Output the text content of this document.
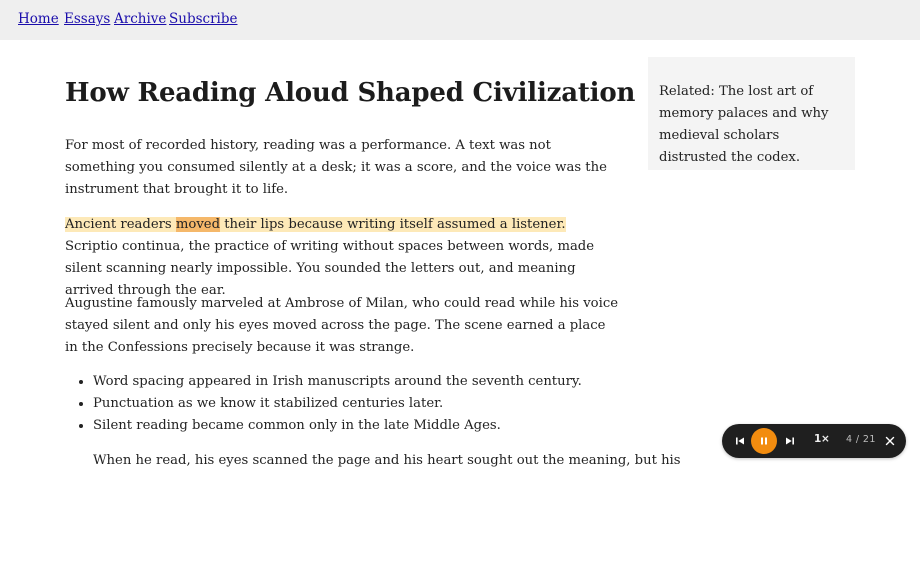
Home Essays Archive Subscribe
How Reading Aloud Shaped Civilization

For most of recorded history, reading was a performance. A text was not something you consumed silently at a desk; it was a score, and the voice was the instrument that brought it to life.

Ancient readers moved their lips because writing itself assumed a listener. Scriptio continua, the practice of writing without spaces between words, made silent scanning nearly impossible. You sounded the letters out, and meaning arrived through the ear.

Augustine famously marveled at Ambrose of Milan, who could read while his voice stayed silent and only his eyes moved across the page. The scene earned a place in the Confessions precisely because it was strange.

• Word spacing appeared in Irish manuscripts around the seventh century.
• Punctuation as we know it stabilized centuries later.
• Silent reading became common only in the late Middle Ages.

When he read, his eyes scanned the page and his heart sought out the meaning, but his

Related: The lost art of memory palaces and why medieval scholars distrusted the codex.
1× 4 / 21
